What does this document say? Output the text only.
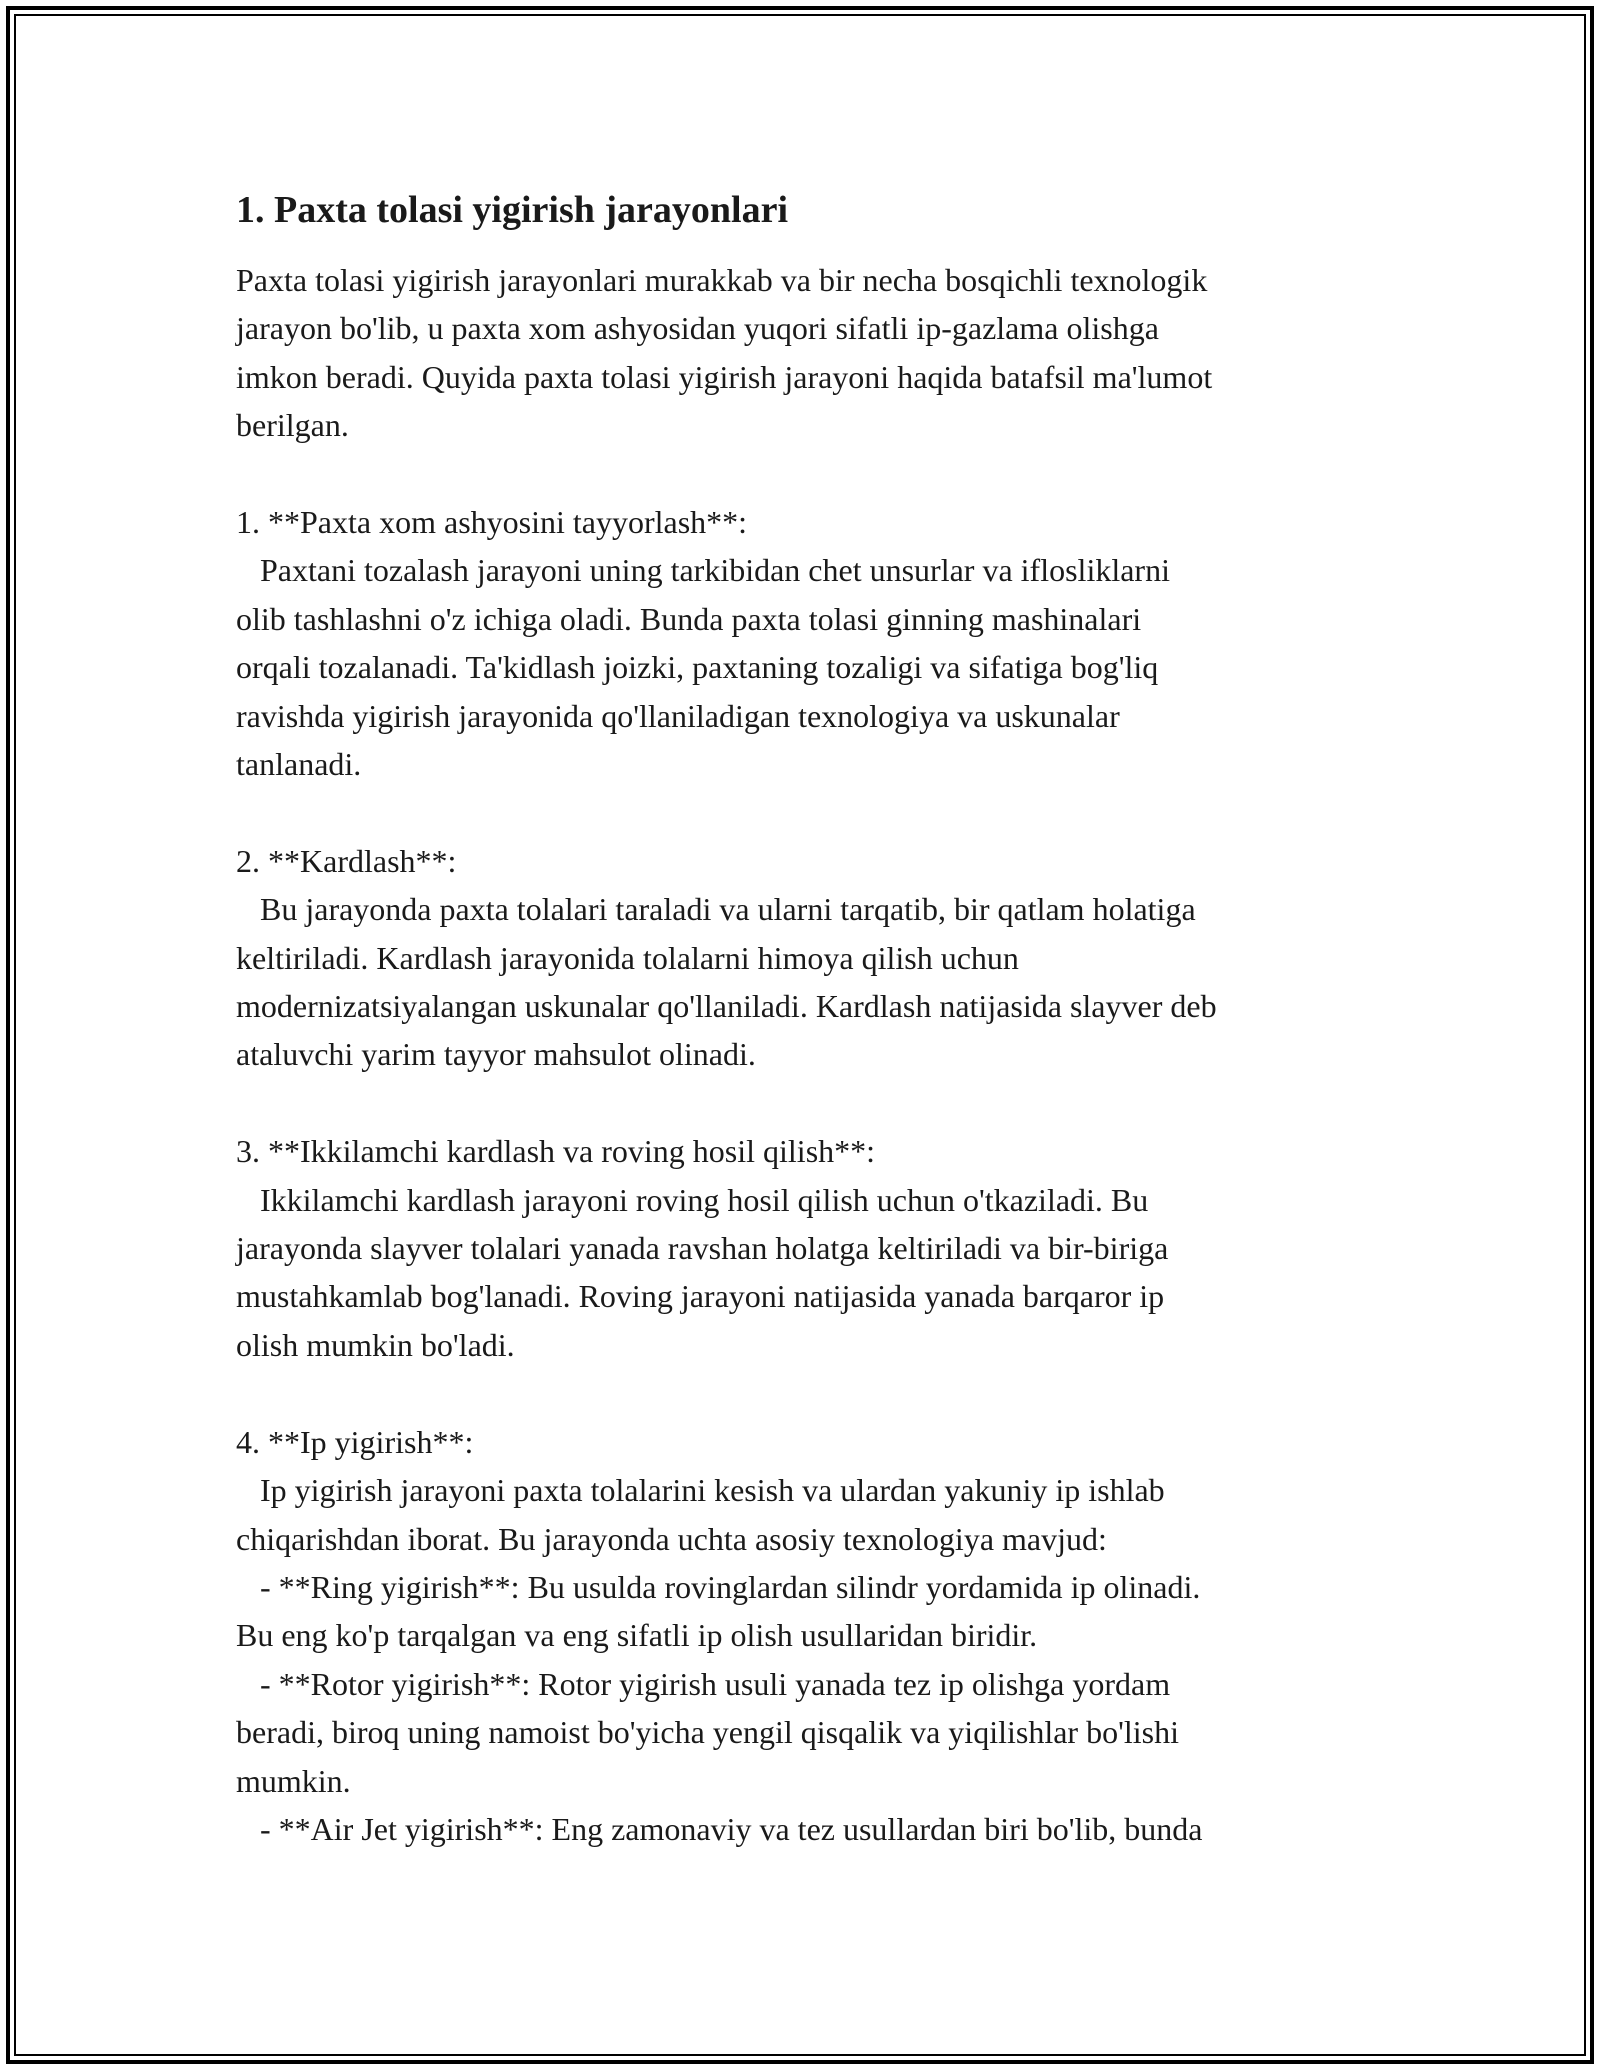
1. Paxta tolasi yigirish jarayonlari
Paxta tolasi yigirish jarayonlari murakkab va bir necha bosqichli texnologik
jarayon bo'lib, u paxta xom ashyosidan yuqori sifatli ip-gazlama olishga
imkon beradi. Quyida paxta tolasi yigirish jarayoni haqida batafsil ma'lumot
berilgan.
1. **Paxta xom ashyosini tayyorlash**:
Paxtani tozalash jarayoni uning tarkibidan chet unsurlar va iflosliklarni
olib tashlashni o'z ichiga oladi. Bunda paxta tolasi ginning mashinalari
orqali tozalanadi. Ta'kidlash joizki, paxtaning tozaligi va sifatiga bog'liq
ravishda yigirish jarayonida qo'llaniladigan texnologiya va uskunalar
tanlanadi.
2. **Kardlash**:
Bu jarayonda paxta tolalari taraladi va ularni tarqatib, bir qatlam holatiga
keltiriladi. Kardlash jarayonida tolalarni himoya qilish uchun
modernizatsiyalangan uskunalar qo'llaniladi. Kardlash natijasida slayver deb
ataluvchi yarim tayyor mahsulot olinadi.
3. **Ikkilamchi kardlash va roving hosil qilish**:
Ikkilamchi kardlash jarayoni roving hosil qilish uchun o'tkaziladi. Bu
jarayonda slayver tolalari yanada ravshan holatga keltiriladi va bir-biriga
mustahkamlab bog'lanadi. Roving jarayoni natijasida yanada barqaror ip
olish mumkin bo'ladi.
4. **Ip yigirish**:
Ip yigirish jarayoni paxta tolalarini kesish va ulardan yakuniy ip ishlab
chiqarishdan iborat. Bu jarayonda uchta asosiy texnologiya mavjud:
- **Ring yigirish**: Bu usulda rovinglardan silindr yordamida ip olinadi.
Bu eng ko'p tarqalgan va eng sifatli ip olish usullaridan biridir.
- **Rotor yigirish**: Rotor yigirish usuli yanada tez ip olishga yordam
beradi, biroq uning namoist bo'yicha yengil qisqalik va yiqilishlar bo'lishi
mumkin.
- **Air Jet yigirish**: Eng zamonaviy va tez usullardan biri bo'lib, bunda
